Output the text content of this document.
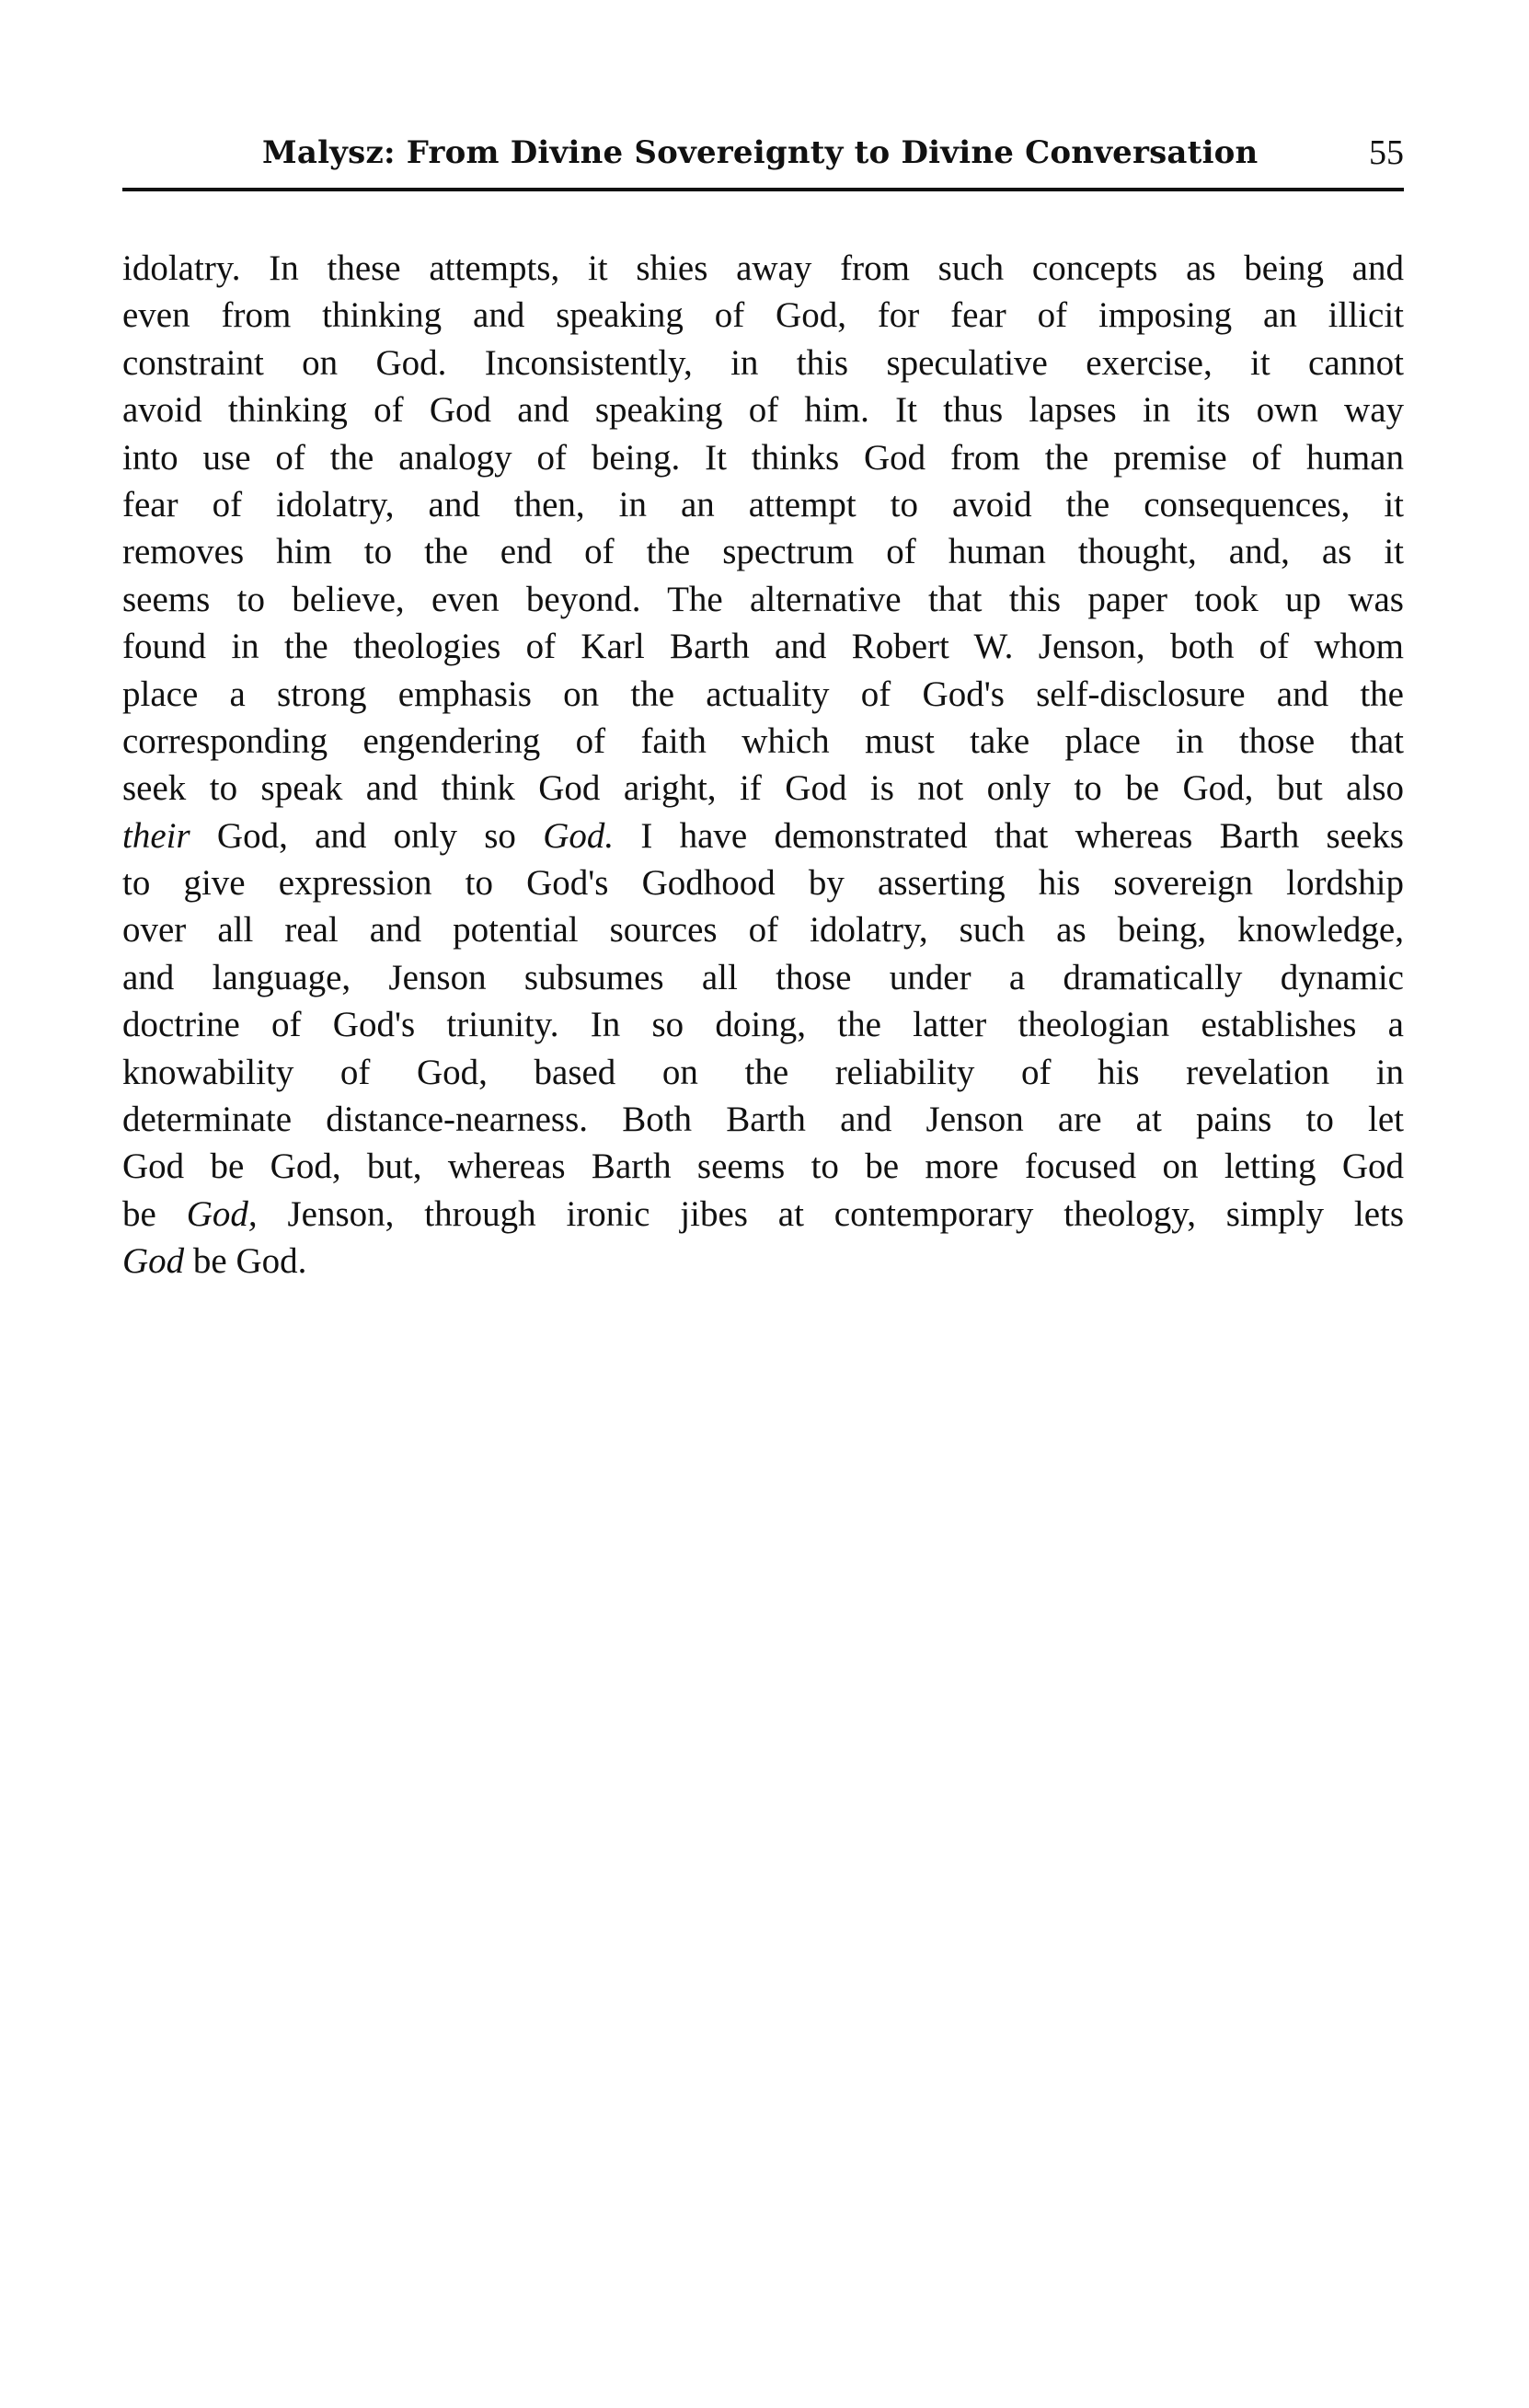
Malysz: From Divine Sovereignty to Divine Conversation	55
idolatry. In these attempts, it shies away from such concepts as being and
even from thinking and speaking of God, for fear of imposing an illicit
constraint on God. Inconsistently, in this speculative exercise, it cannot
avoid thinking of God and speaking of him. It thus lapses in its own way
into use of the analogy of being. It thinks God from the premise of human
fear of idolatry, and then, in an attempt to avoid the consequences, it
removes him to the end of the spectrum of human thought, and, as it
seems to believe, even beyond. The alternative that this paper took up was
found in the theologies of Karl Barth and Robert W. Jenson, both of whom
place a strong emphasis on the actuality of God's self-disclosure and the
corresponding engendering of faith which must take place in those that
seek to speak and think God aright, if God is not only to be God, but also
their God, and only so God. I have demonstrated that whereas Barth seeks
to give expression to God's Godhood by asserting his sovereign lordship
over all real and potential sources of idolatry, such as being, knowledge,
and language, Jenson subsumes all those under a dramatically dynamic
doctrine of God's triunity. In so doing, the latter theologian establishes a
knowability of God, based on the reliability of his revelation in
determinate distance-nearness. Both Barth and Jenson are at pains to let
God be God, but, whereas Barth seems to be more focused on letting God
be God, Jenson, through ironic jibes at contemporary theology, simply lets
God be God.
